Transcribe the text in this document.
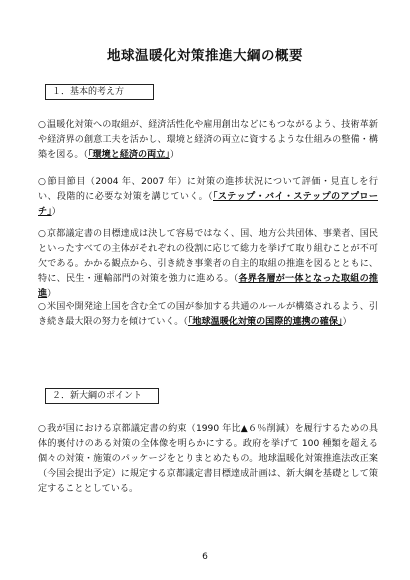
地球温暖化対策推進大綱の概要
１．基本的考え方
○温暖化対策への取組が、経済活性化や雇用創出などにもつながるよう、技術革新や経済界の創意工夫を活かし、環境と経済の両立に資するような仕組みの整備・構築を図る。（「環境と経済の両立」）
○節目節目（2004 年、2007 年）に対策の進捗状況について評価・見直しを行い、段階的に必要な対策を講じていく。（「ステップ・バイ・ステップのアプローチ」）
○京都議定書の目標達成は決して容易ではなく、国、地方公共団体、事業者、国民といったすべての主体がそれぞれの役割に応じて総力を挙げて取り組むことが不可欠である。かかる観点から、引き続き事業者の自主的取組の推進を図るとともに、特に、民生・運輸部門の対策を強力に進める。（各界各層が一体となった取組の推進）
○米国や開発途上国を含む全ての国が参加する共通のルールが構築されるよう、引き続き最大限の努力を傾けていく。（「地球温暖化対策の国際的連携の確保」）
２．新大綱のポイント
○我が国における京都議定書の約束（1990 年比▲６％削減）を履行するための具体的裏付けのある対策の全体像を明らかにする。政府を挙げて 100 種類を超える個々の対策・施策のパッケージをとりまとめたもの。地球温暖化対策推進法改正案（今国会提出予定）に規定する京都議定書目標達成計画は、新大綱を基礎として策定することとしている。
6
